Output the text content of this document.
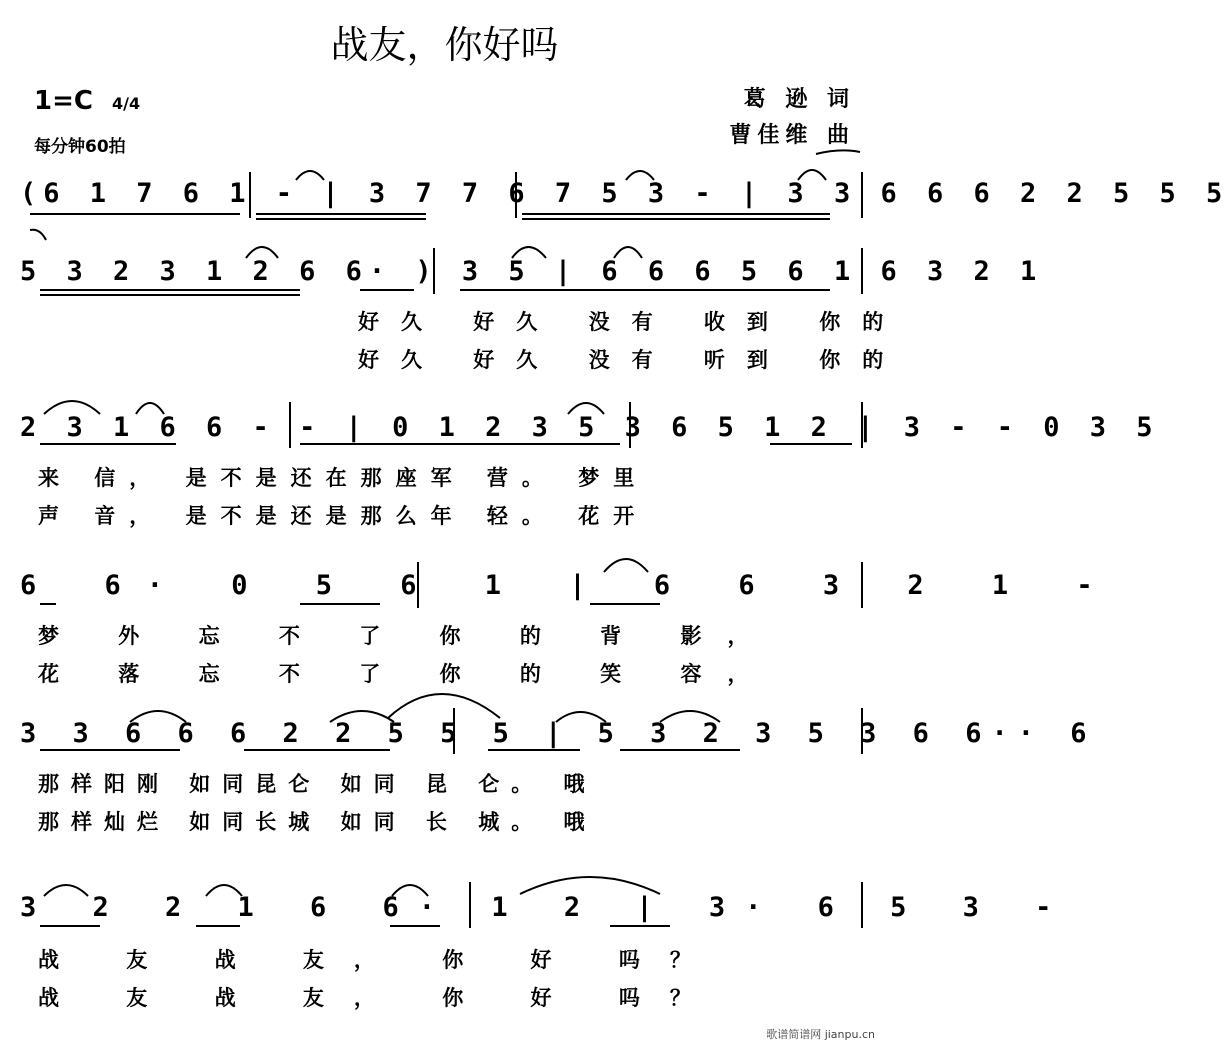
战友，你好吗
1=C 4/4
每分钟60拍
葛 逊 词
曹佳维 曲
(6 1 7 6 1 - | 3 7 7 6 7 5 3 - | 3 3 6 6 6 2 2 5 5 5
5 3 2 3 1 2 6 6· ) 3 5 | 6 6 6 5 6 1 6 3 2 1
好久 好久 没有 收到 你的
好久 好久 没有 听到 你的
2 3 1 6 6 - - | 0 1 2 3 5 3 6 5 1 2 | 3 - - 0 3 5
来 信， 是不是还在那座军 营。 梦里
声 音， 是不是还是那么年 轻。 花开
6 6· 0 5 6 1 | 6 6 3 2 1 -
梦 外 忘 不 了 你 的 背 影，
花 落 忘 不 了 你 的 笑 容，
3 3 6 6 6 2 2 5 5 5 | 5 3 2 3 5 3 6 6·· 6
那样阳刚 如同昆仑 如同 昆 仑。 哦
那样灿烂 如同长城 如同 长 城。 哦
3 2 2 1 6 6· 1 2 | 3· 6 5 3 -
战 友 战 友， 你 好 吗？
战 友 战 友， 你 好 吗？
歌谱简谱网 jianpu.cn
